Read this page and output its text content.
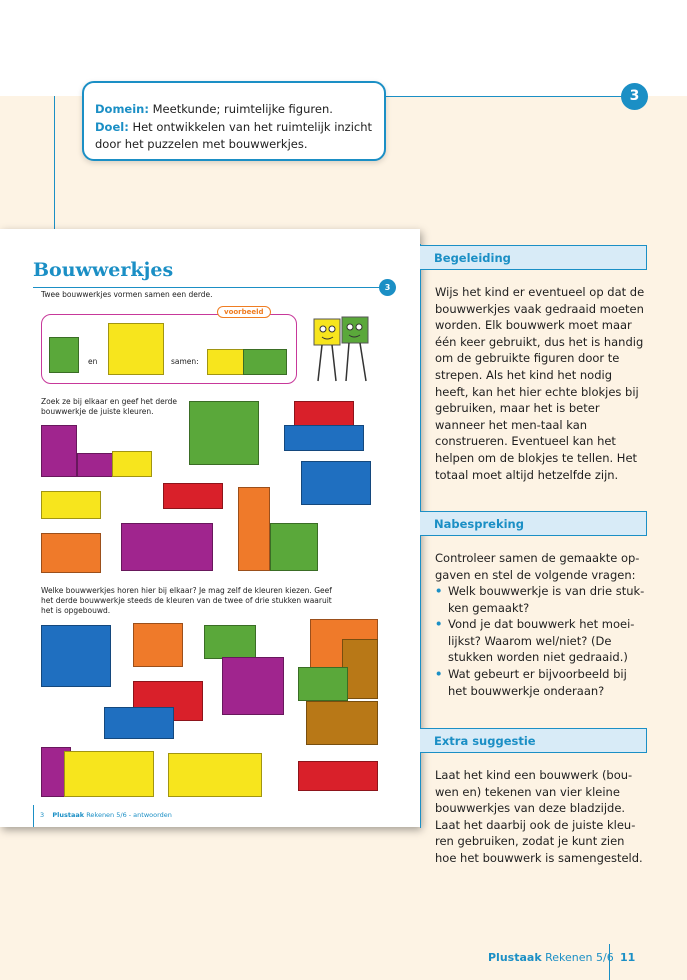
3
Domein: Meetkunde; ruimtelijke figuren.
Doel: Het ontwikkelen van het ruimtelijk inzicht door het puzzelen met bouwwerkjes.
Bouwwerkjes
3
Twee bouwwerkjes vormen samen een derde.
voorbeeld
en	samen:
Zoek ze bij elkaar en geef het derde bouwwerkje de juiste kleuren.
Welke bouwwerkjes horen hier bij elkaar? Je mag zelf de kleuren kiezen. Geef het derde bouwwerkje steeds de kleuren van de twee of drie stukken waaruit het is opgebouwd.
3 Plustaak Rekenen 5/6 - antwoorden
Begeleiding
Wijs het kind er eventueel op dat de bouwwerkjes vaak gedraaid moeten worden. Elk bouwwerk moet maar één keer gebruikt, dus het is handig om de gebruikte figuren door te strepen. Als het kind het nodig heeft, kan het hier echte blokjes bij gebruiken, maar het is beter wanneer het men-taal kan construeren. Eventueel kan het helpen om de blokjes te tellen. Het totaal moet altijd hetzelfde zijn.
Nabespreking
Controleer samen de gemaakte op-gaven en stel de volgende vragen:
• Welk bouwwerkje is van drie stuk-ken gemaakt?
• Vond je dat bouwwerk het moei-lijkst? Waarom wel/niet? (De stukken worden niet gedraaid.)
• Wat gebeurt er bijvoorbeeld bij het bouwwerkje onderaan?
Extra suggestie
Laat het kind een bouwwerk (bou-wen en) tekenen van vier kleine bouwwerkjes van deze bladzijde. Laat het daarbij ook de juiste kleu-ren gebruiken, zodat je kunt zien hoe het bouwwerk is samengesteld.
Plustaak Rekenen 5/6 11
